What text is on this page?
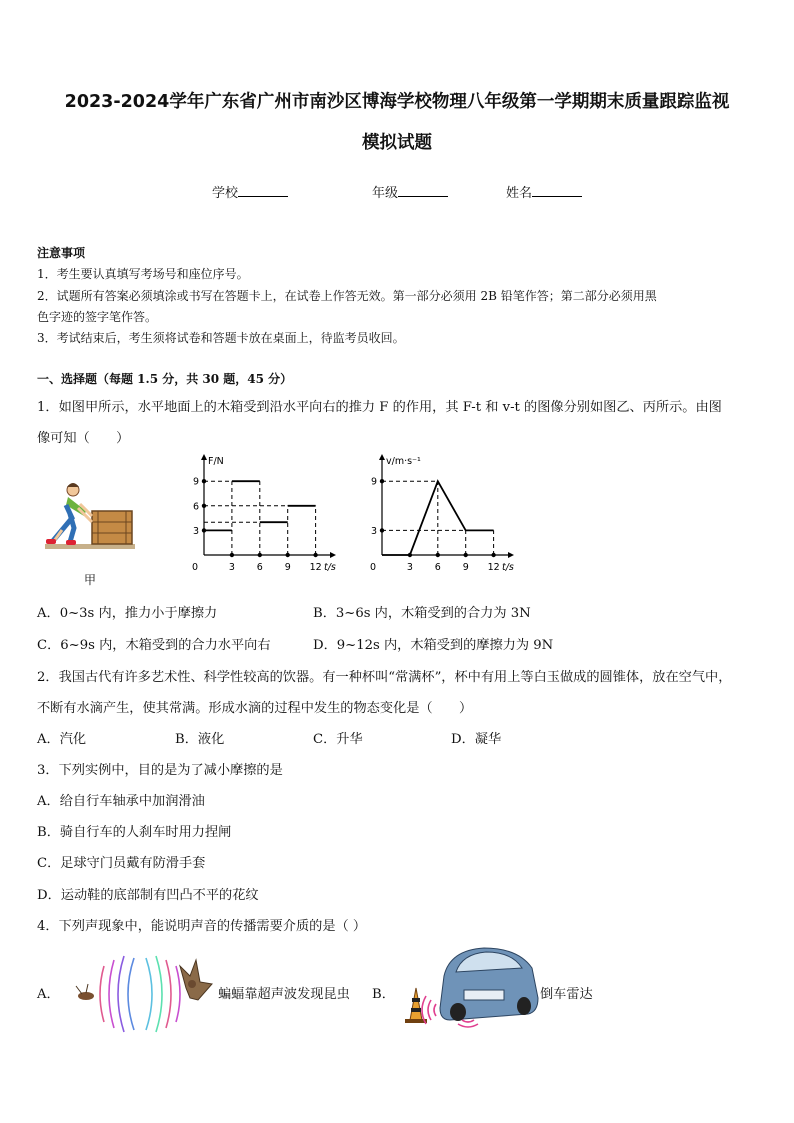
2023-2024学年广东省广州市南沙区博海学校物理八年级第一学期期末质量跟踪监视
模拟试题
学校	年级	姓名
注意事项
1．考生要认真填写考场号和座位序号。
2．试题所有答案必须填涂或书写在答题卡上，在试卷上作答无效。第一部分必须用 2B 铅笔作答；第二部分必须用黑
色字迹的签字笔作答。
3．考试结束后，考生须将试卷和答题卡放在桌面上，待监考员收回。
一、选择题（每题 1.5 分，共 30 题，45 分）
1．如图甲所示，水平地面上的木箱受到沿水平向右的推力 F 的作用，其 F-t 和 v-t 的图像分别如图乙、丙所示。由图
像可知（　　）
甲
F/N
t/s
0	3 6 9 12
3
6
9
v/m·s⁻¹
t/s
0	3 6 9 12
3
9
A．0~3s 内，推力小于摩擦力	B．3~6s 内，木箱受到的合力为 3N
C．6~9s 内，木箱受到的合力水平向右	D．9~12s 内，木箱受到的摩擦力为 9N
2．我国古代有许多艺术性、科学性较高的饮器。有一种杯叫“常满杯”，杯中有用上等白玉做成的圆锥体，放在空气中，
不断有水滴产生，使其常满。形成水滴的过程中发生的物态变化是（　　）
A．汽化	B．液化	C．升华	D．凝华
3．下列实例中，目的是为了减小摩擦的是
A．给自行车轴承中加润滑油
B．骑自行车的人刹车时用力捏闸
C．足球守门员戴有防滑手套
D．运动鞋的底部制有凹凸不平的花纹
4．下列声现象中，能说明声音的传播需要介质的是（ ）
A．	蝙蝠靠超声波发现昆虫 B．	倒车雷达
